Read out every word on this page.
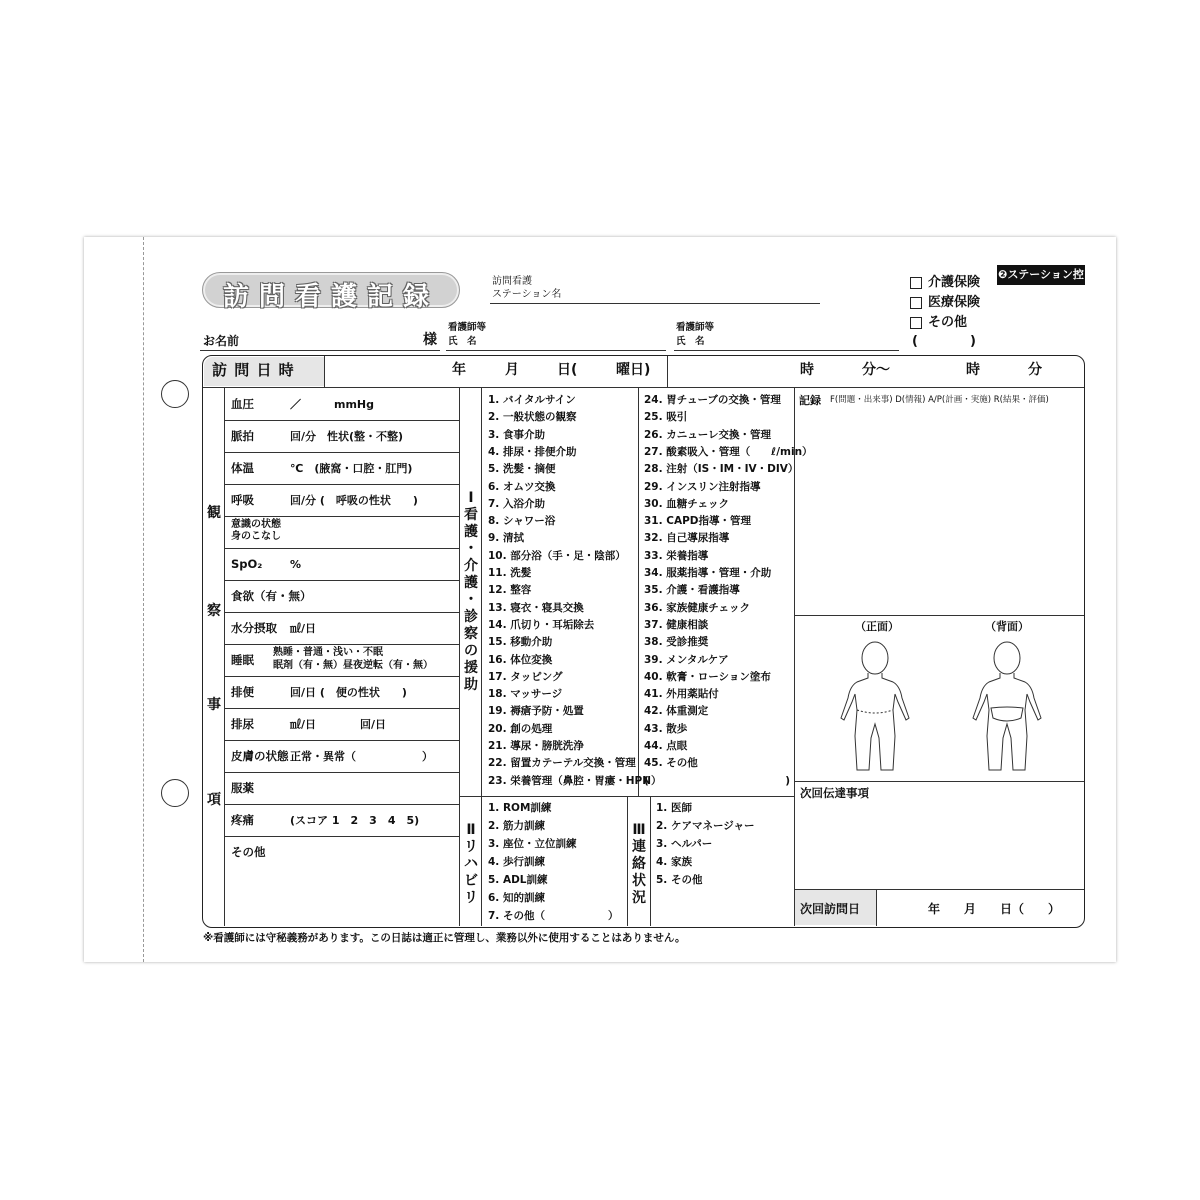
訪問看護記録
訪問看護
ステーション名
介護保険
医療保険
その他
(　　　　)
❷ステーション控
お名前	様
看護師等
氏　名
看護師等
氏　名
訪 問 日 時	年	月	日(	曜日)	時	分～	時	分
観
察
事
項
血圧	／　　　mmHg
脈拍	回/分　性状(整・不整)
体温	℃　(腋窩・口腔・肛門)
呼吸	回/分 (　呼吸の性状　　)
意識の状態
身のこなし
SpO₂	%
食欲（有・無）
水分摂取 ㎖/日
睡眠
熟睡・普通・浅い・不眠
眠剤（有・無）昼夜逆転（有・無）
排便	回/日 (　便の性状　　)
排尿	㎖/日　　　　回/日
皮膚の状態 正常・異常（　　　　　　）
服薬
疼痛	(スコア 1　2　3　4　5)
その他
Ⅰ
看
護
・
介
護
・
診
察
の
援
助
1. バイタルサイン
2. 一般状態の観察
3. 食事介助
4. 排尿・排便介助
5. 洗髪・摘便
6. オムツ交換
7. 入浴介助
8. シャワー浴
9. 清拭
10. 部分浴（手・足・陰部）
11. 洗髪
12. 整容
13. 寝衣・寝具交換
14. 爪切り・耳垢除去
15. 移動介助
16. 体位変換
17. タッピング
18. マッサージ
19. 褥瘡予防・処置
20. 創の処理
21. 導尿・膀胱洗浄
22. 留置カテーテル交換・管理
23. 栄養管理（鼻腔・胃瘻・HPN）
24. 胃チューブの交換・管理
25. 吸引
26. カニューレ交換・管理
27. 酸素吸入・管理（　　ℓ/min）
28. 注射（IS・IM・IV・DIV）
29. インスリン注射指導
30. 血糖チェック
31. CAPD指導・管理
32. 自己導尿指導
33. 栄養指導
34. 服薬指導・管理・介助
35. 介護・看護指導
36. 家族健康チェック
37. 健康相談
38. 受診推奨
39. メンタルケア
40. 軟膏・ローション塗布
41. 外用薬貼付
42. 体重測定
43. 散歩
44. 点眼
45. その他
(　　　　　　　　　　　　　)
Ⅱ
リ
ハ
ビ
リ
1. ROM訓練
2. 筋力訓練
3. 座位・立位訓練
4. 歩行訓練
5. ADL訓練
6. 知的訓練
7. その他（　　　　　　）
Ⅲ
連
絡
状
況
1. 医師
2. ケアマネージャー
3. ヘルパー
4. 家族
5. その他
記録 F(問題・出来事) D(情報) A/P(計画・実施) R(結果・評価)
（正面）	（背面）
次回伝達事項
次回訪問日	年　　月　　日（　　）
※看護師には守秘義務があります。この日誌は適正に管理し、業務以外に使用することはありません。
